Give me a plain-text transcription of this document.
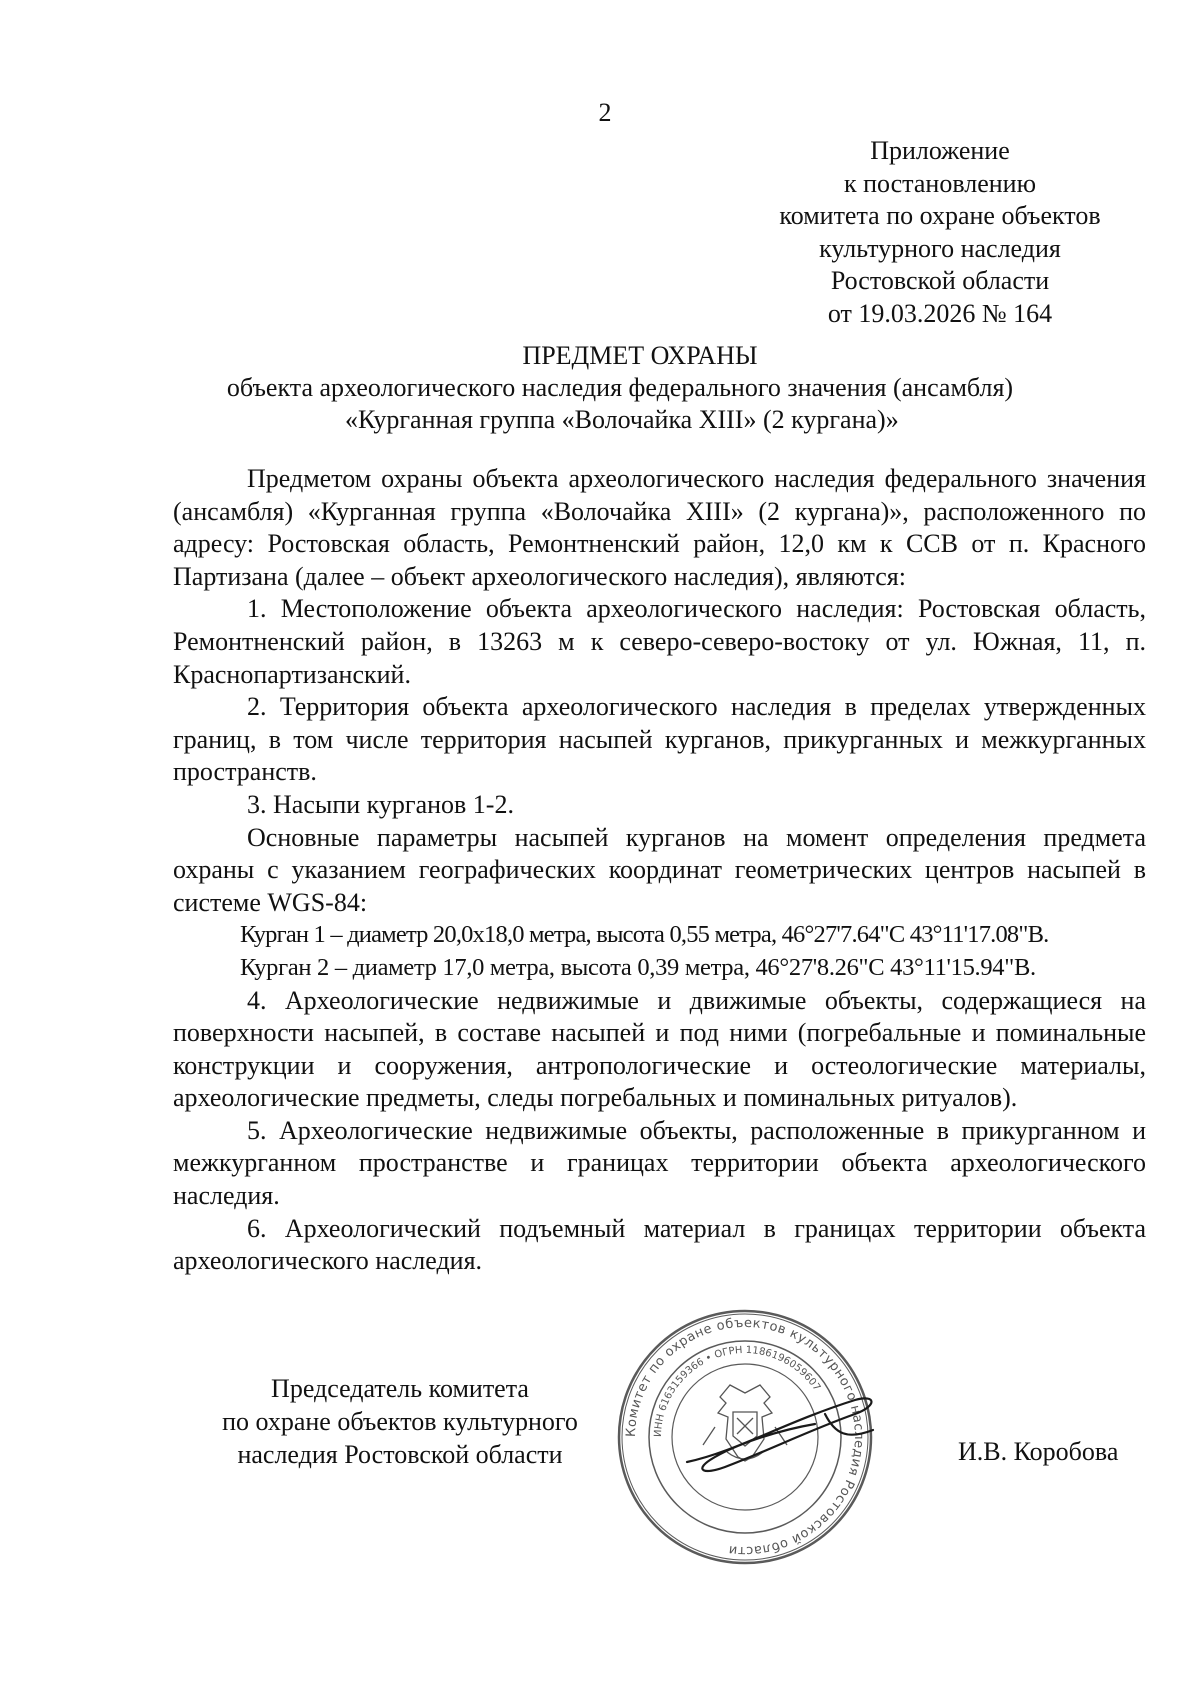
2
Приложение
к постановлению
комитета по охране объектов
культурного наследия
Ростовской области
от 19.03.2026 № 164
ПРЕДМЕТ ОХРАНЫ
объекта археологического наследия федерального значения (ансамбля)
«Курганная группа «Волочайка XIII» (2 кургана)»

Предметом охраны объекта археологического наследия федерального значения (ансамбля) «Курганная группа «Волочайка XIII» (2 кургана)», расположенного по адресу: Ростовская область, Ремонтненский район, 12,0 км к ССВ от п. Красного Партизана (далее – объект археологического наследия), являются:

1. Местоположение объекта археологического наследия: Ростовская область, Ремонтненский район, в 13263 м к северо-северо-востоку от ул. Южная, 11, п. Краснопартизанский.

2. Территория объекта археологического наследия в пределах утвержденных границ, в том числе территория насыпей курганов, прикурганных и межкурганных пространств.

3. Насыпи курганов 1-2.

Основные параметры насыпей курганов на момент определения предмета охраны с указанием географических координат геометрических центров насыпей в системе WGS-84:

Курган 1 – диаметр 20,0х18,0 метра, высота 0,55 метра, 46°27'7.64"С 43°11'17.08"В.

Курган 2 – диаметр 17,0 метра, высота 0,39 метра, 46°27'8.26"С 43°11'15.94"В.

4. Археологические недвижимые и движимые объекты, содержащиеся на поверхности насыпей, в составе насыпей и под ними (погребальные и поминальные конструкции и сооружения, антропологические и остеологические материалы, археологические предметы, следы погребальных и поминальных ритуалов).

5. Археологические недвижимые объекты, расположенные в прикурганном и межкурганном пространстве и границах территории объекта археологического наследия.

6. Археологический подъемный материал в границах территории объекта археологического наследия.

Председатель комитета
по охране объектов культурного
наследия Ростовской области	И.В. Коробова
Комитет по охране объектов культурного наследия Ростовской области
ИНН 6163159366 • ОГРН 1186196059607
